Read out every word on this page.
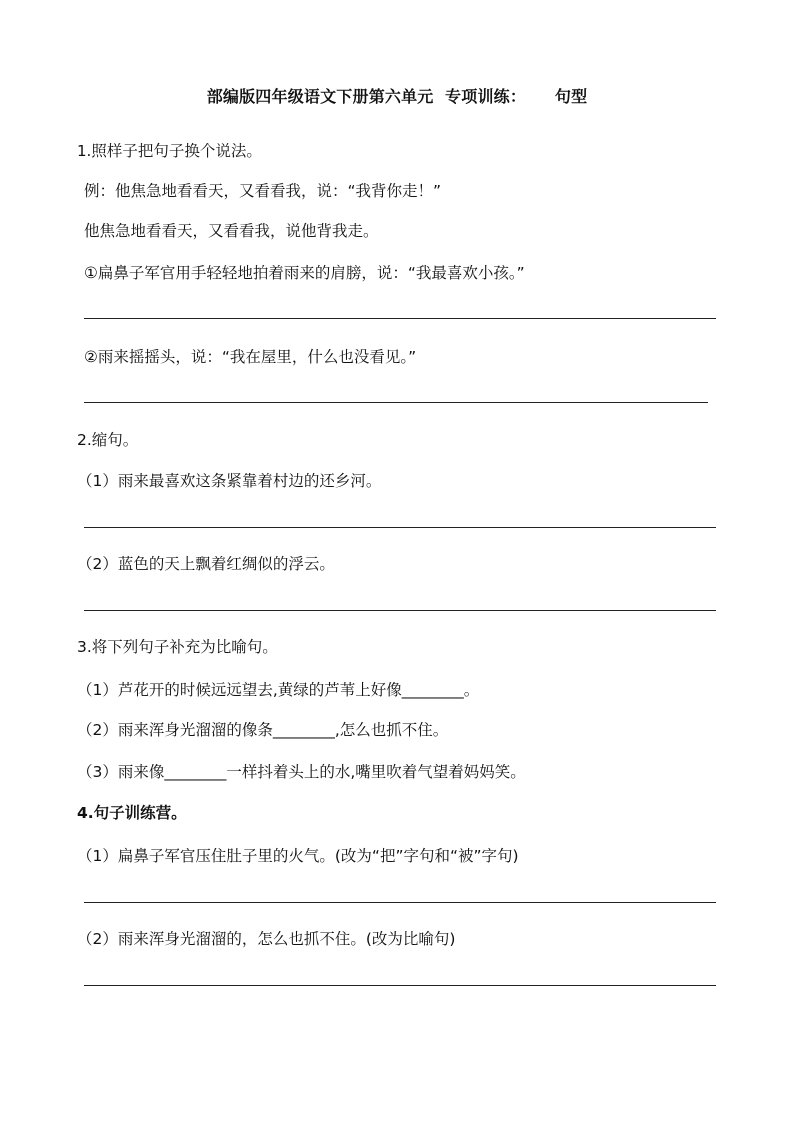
部编版四年级语文下册第六单元  专项训练：     句型
1.照样子把句子换个说法。
例：他焦急地看看天，又看看我，说：“我背你走！”
他焦急地看看天，又看看我，说他背我走。
①扁鼻子军官用手轻轻地拍着雨来的肩膀，说：“我最喜欢小孩。”
②雨来摇摇头，说：“我在屋里，什么也没看见。”
2.缩句。
（1）雨来最喜欢这条紧靠着村边的还乡河。
（2）蓝色的天上飘着红绸似的浮云。
3.将下列句子补充为比喻句。
（1）芦花开的时候远远望去,黄绿的芦苇上好像________。
（2）雨来浑身光溜溜的像条________,怎么也抓不住。
（3）雨来像________一样抖着头上的水,嘴里吹着气望着妈妈笑。
4.句子训练营。
（1）扁鼻子军官压住肚子里的火气。(改为“把”字句和“被”字句)
（2）雨来浑身光溜溜的，怎么也抓不住。(改为比喻句)
